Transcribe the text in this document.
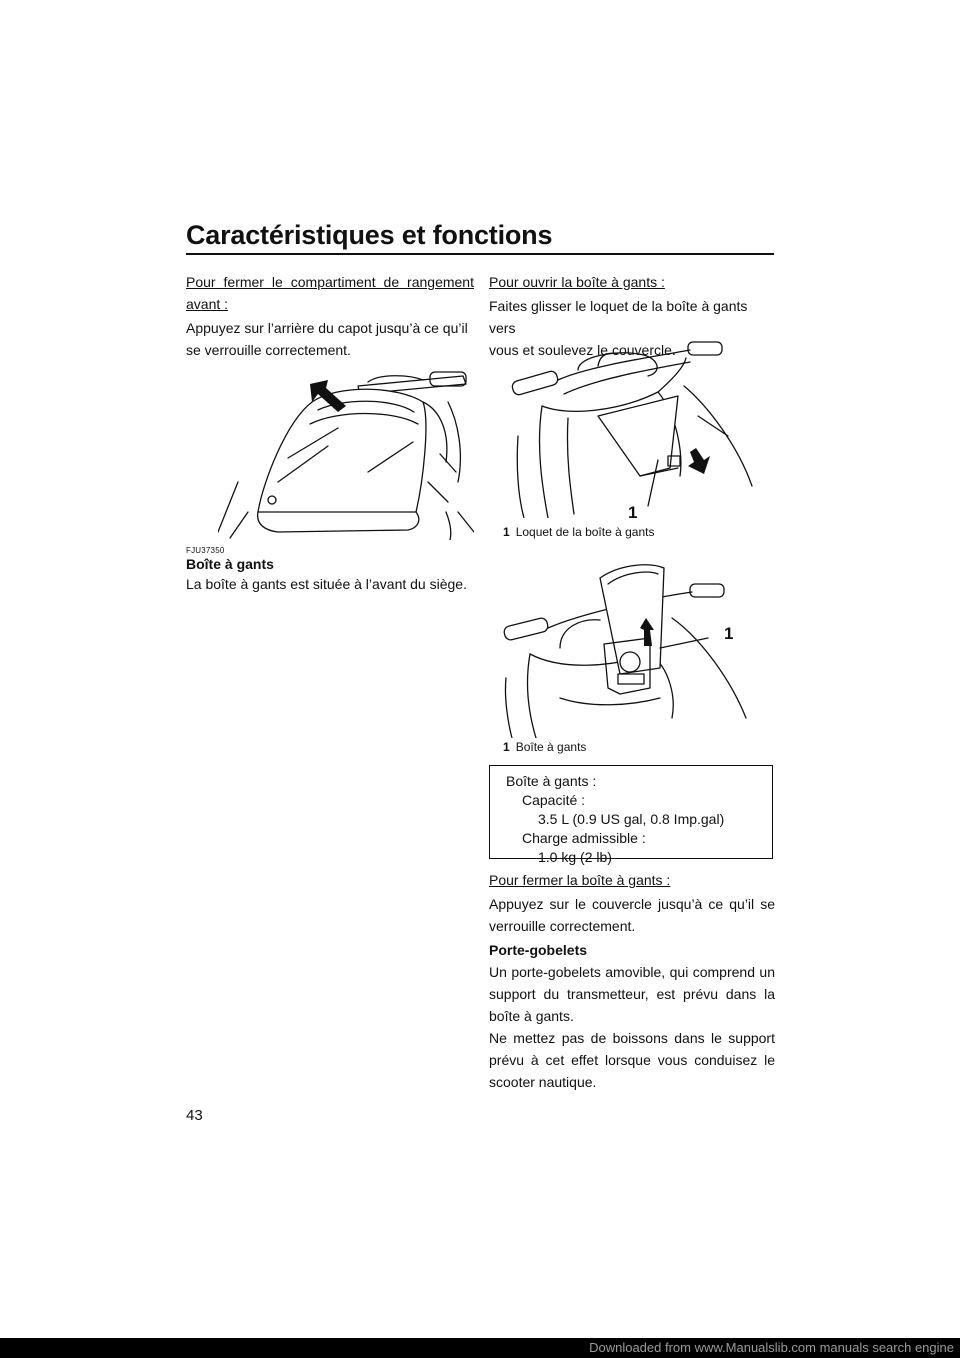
Caractéristiques et fonctions

Pour fermer le compartiment de rangement

avant :

Appuyez sur l’arrière du capot jusqu’à ce qu’il

se verrouille correctement.

FJU37350
Boîte à gants

La boîte à gants est située à l’avant du siège.

Pour ouvrir la boîte à gants :

Faites glisser le loquet de la boîte à gants vers

vous et soulevez le couvercle.

1
1 Loquet de la boîte à gants
1
1 Boîte à gants
Boîte à gants :
Capacité :
3.5 L (0.9 US gal, 0.8 Imp.gal)
Charge admissible :
1.0 kg (2 lb)

Pour fermer la boîte à gants :

Appuyez sur le couvercle jusqu’à ce qu’il se

verrouille correctement.

Porte-gobelets

Un porte-gobelets amovible, qui comprend un

support du transmetteur, est prévu dans la

boîte à gants.

Ne mettez pas de boissons dans le support

prévu à cet effet lorsque vous conduisez le

scooter nautique.

43
Downloaded from www.Manualslib.com manuals search engine
